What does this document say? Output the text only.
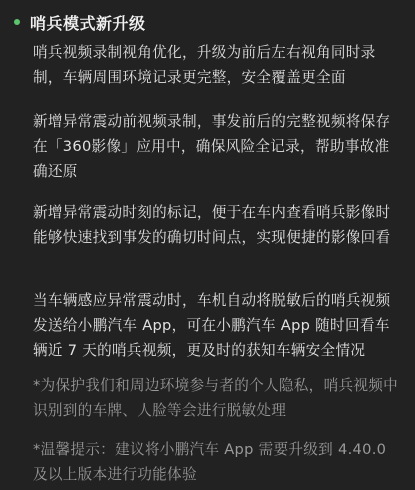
哨兵模式新升级

哨兵视频录制视角优化，升级为前后左右视角同时录制，车辆周围环境记录更完整，安全覆盖更全面

新增异常震动前视频录制，事发前后的完整视频将保存在「360影像」应用中，确保风险全记录，帮助事故准确还原

新增异常震动时刻的标记，便于在车内查看哨兵影像时能够快速找到事发的确切时间点，实现便捷的影像回看

当车辆感应异常震动时，车机自动将脱敏后的哨兵视频发送给小鹏汽车 App，可在小鹏汽车 App 随时回看车辆近 7 天的哨兵视频，更及时的获知车辆安全情况

*为保护我们和周边环境参与者的个人隐私，哨兵视频中识别到的车牌、人脸等会进行脱敏处理

*温馨提示：建议将小鹏汽车 App 需要升级到 4.40.0 及以上版本进行功能体验
